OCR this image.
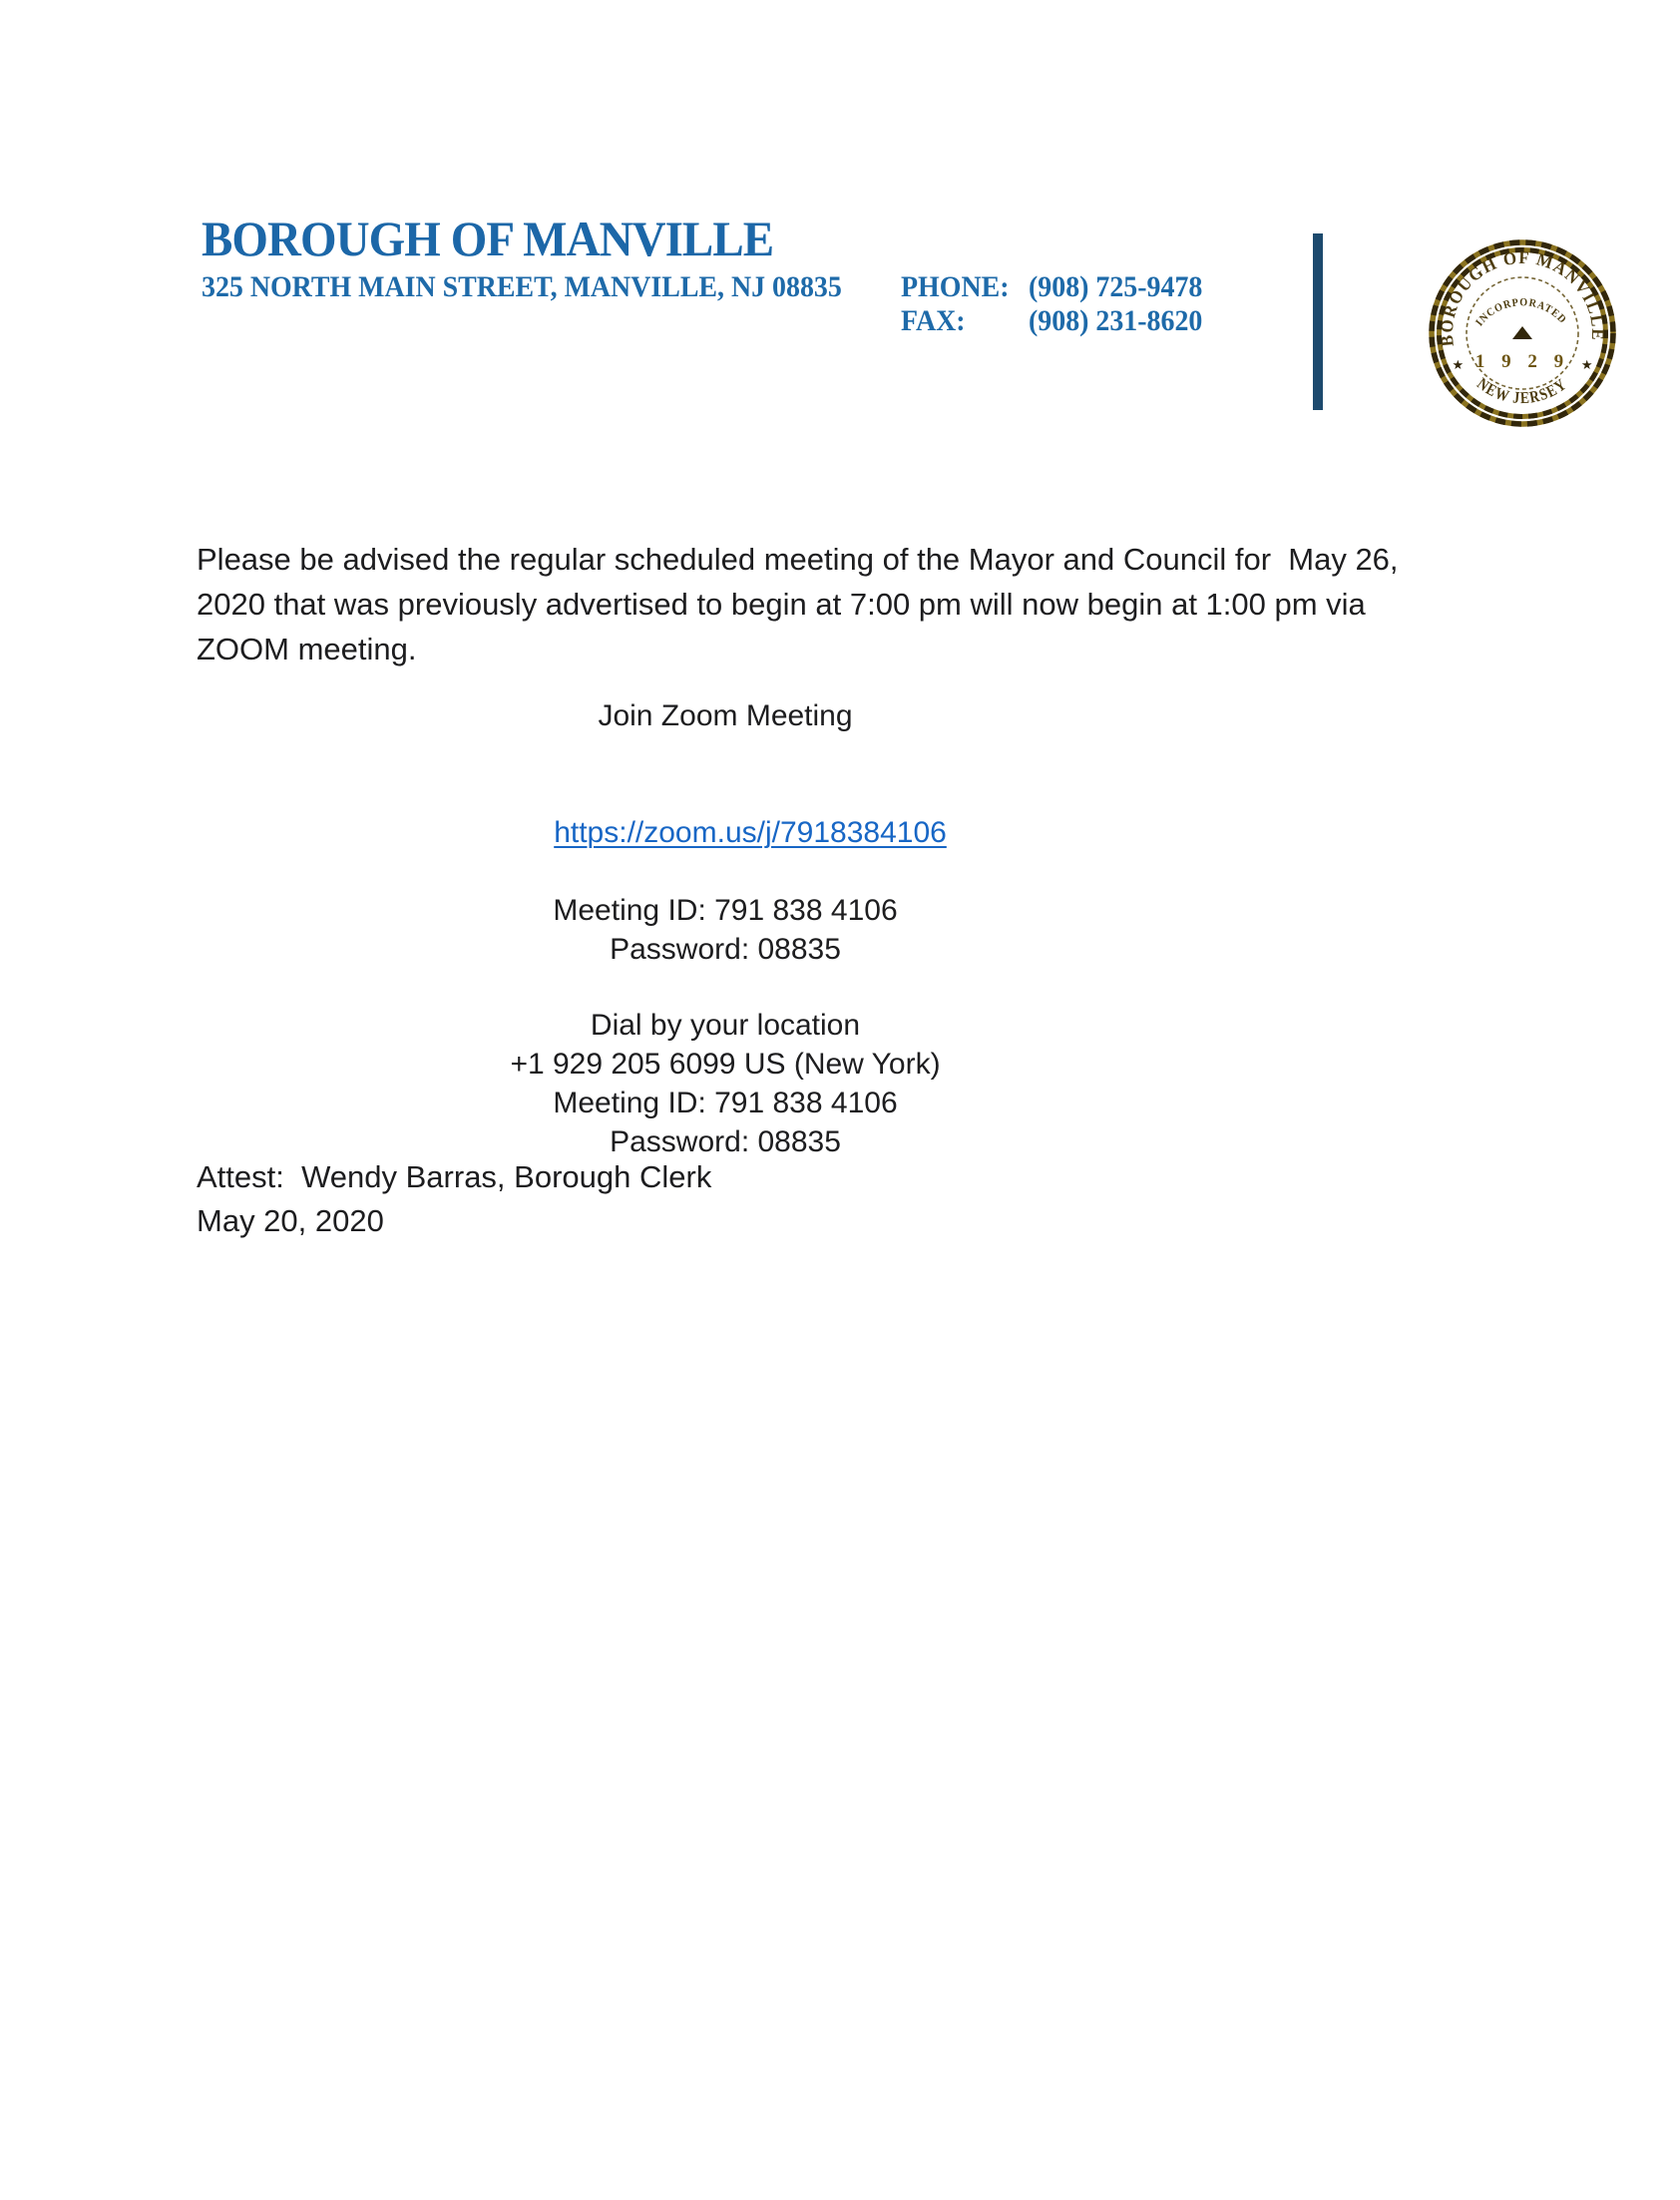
BOROUGH OF MANVILLE
325 NORTH MAIN STREET, MANVILLE, NJ 08835 PHONE: (908) 725-9478
FAX: (908) 231-8620
BOROUGH OF MANVILLE
NEW JERSEY
★	★
INCORPORATED
1 9 2 9
Please be advised the regular scheduled meeting of the Mayor and Council for  May 26,
2020 that was previously advertised to begin at 7:00 pm will now begin at 1:00 pm via
ZOOM meeting.
Join Zoom Meeting

https://zoom.us/j/7918384106

Meeting ID: 791 838 4106
Password: 08835
Dial by your location
+1 929 205 6099 US (New York)
Meeting ID: 791 838 4106
Password: 08835
Attest:  Wendy Barras, Borough Clerk
May 20, 2020
